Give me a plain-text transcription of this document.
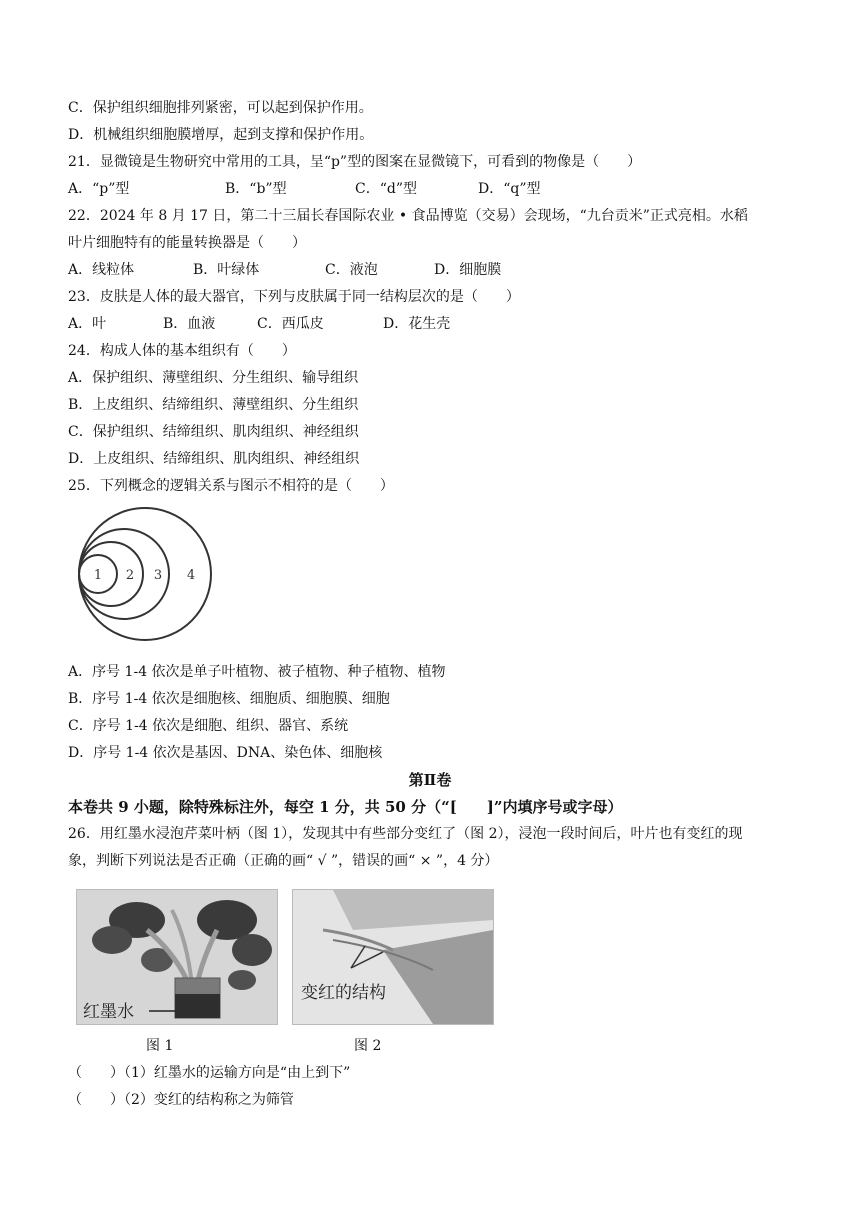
C．保护组织细胞排列紧密，可以起到保护作用。
D．机械组织细胞膜增厚，起到支撑和保护作用。
21．显微镜是生物研究中常用的工具，呈“p”型的图案在显微镜下，可看到的物像是（　　）
A．“p”型	B．“b”型	C．“d”型	D．“q”型
22．2024 年 8 月 17 日，第二十三届长春国际农业 • 食品博览（交易）会现场，“九台贡米”正式亮相。水稻
叶片细胞特有的能量转换器是（　　）
A．线粒体	B．叶绿体	C．液泡	D．细胞膜
23．皮肤是人体的最大器官，下列与皮肤属于同一结构层次的是（　　）
A．叶	B．血液	C．西瓜皮	D．花生壳
24．构成人体的基本组织有（　　）
A．保护组织、薄壁组织、分生组织、输导组织
B．上皮组织、结缔组织、薄壁组织、分生组织
C．保护组织、结缔组织、肌肉组织、神经组织
D．上皮组织、结缔组织、肌肉组织、神经组织
25．下列概念的逻辑关系与图示不相符的是（　　）
1 2 3 4
A．序号 1-4 依次是单子叶植物、被子植物、种子植物、植物
B．序号 1-4 依次是细胞核、细胞质、细胞膜、细胞
C．序号 1-4 依次是细胞、组织、器官、系统
D．序号 1-4 依次是基因、DNA、染色体、细胞核
第Ⅱ卷
本卷共 9 小题，除特殊标注外，每空 1 分，共 50 分（“[　　]”内填序号或字母）
26．用红墨水浸泡芹菜叶柄（图 1），发现其中有些部分变红了（图 2），浸泡一段时间后，叶片也有变红的现
象，判断下列说法是否正确（正确的画“ √ ”，错误的画“ × ”，4 分）
红墨水
变红的结构
图 1	图 2
（　　）（1）红墨水的运输方向是“由上到下”
（　　）（2）变红的结构称之为筛管
